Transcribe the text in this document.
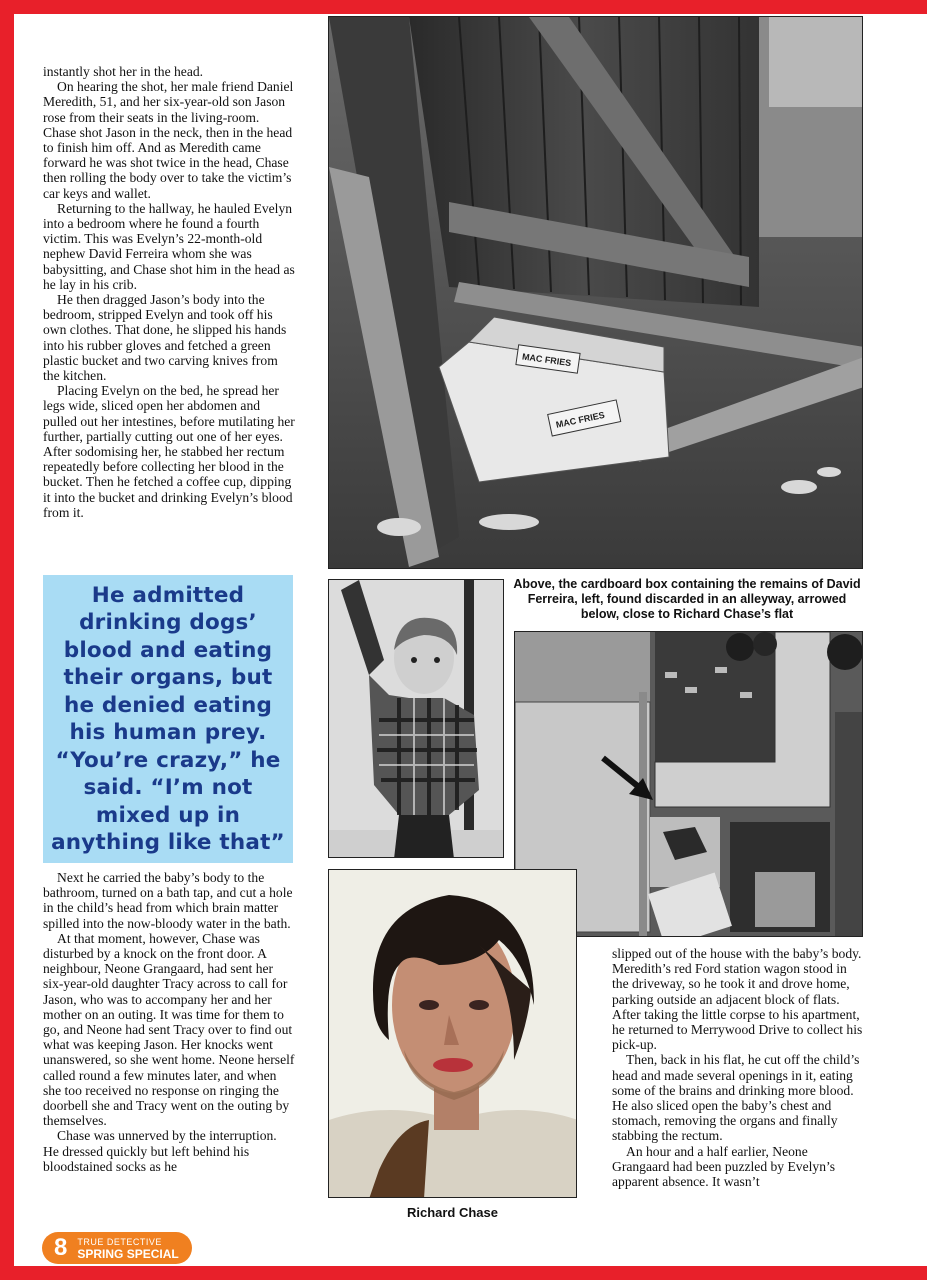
instantly shot her in the head.

On hearing the shot, her male friend Daniel Meredith, 51, and her six-year-old son Jason rose from their seats in the living-room. Chase shot Jason in the neck, then in the head to finish him off. And as Meredith came forward he was shot twice in the head, Chase then rolling the body over to take the victim’s car keys and wallet.

Returning to the hallway, he hauled Evelyn into a bedroom where he found a fourth victim. This was Evelyn’s 22-month-old nephew David Ferreira whom she was babysitting, and Chase shot him in the head as he lay in his crib.

He then dragged Jason’s body into the bedroom, stripped Evelyn and took off his own clothes. That done, he slipped his hands into his rubber gloves and fetched a green plastic bucket and two carving knives from the kitchen.

Placing Evelyn on the bed, he spread her legs wide, sliced open her abdomen and pulled out her intestines, before mutilating her further, partially cutting out one of her eyes. After sodomising her, he stabbed her rectum repeatedly before collecting her blood in the bucket. Then he fetched a coffee cup, dipping it into the bucket and drinking Evelyn’s blood from it.

He admitted drinking dogs’ blood and eating their organs, but he denied eating his human prey. “You’re crazy,” he said. “I’m not mixed up in anything like that”

Next he carried the baby’s body to the bathroom, turned on a bath tap, and cut a hole in the child’s head from which brain matter spilled into the now-bloody water in the bath.

At that moment, however, Chase was disturbed by a knock on the front door. A neighbour, Neone Grangaard, had sent her six-year-old daughter Tracy across to call for Jason, who was to accompany her and her mother on an outing. It was time for them to go, and Neone had sent Tracy over to find out what was keeping Jason. Her knocks went unanswered, so she went home. Neone herself called round a few minutes later, and when she too received no response on ringing the doorbell she and Tracy went on the outing by themselves.

Chase was unnerved by the interruption. He dressed quickly but left behind his bloodstained socks as he

MAC FRIES
MAC FRIES
Above, the cardboard box containing the remains of David Ferreira, left, found discarded in an alleyway, arrowed below, close to Richard Chase’s flat
Richard Chase

slipped out of the house with the baby’s body. Meredith’s red Ford station wagon stood in the driveway, so he took it and drove home, parking outside an adjacent block of flats. After taking the little corpse to his apartment, he returned to Merrywood Drive to collect his pick-up.

Then, back in his flat, he cut off the child’s head and made several openings in it, eating some of the brains and drinking more blood. He also sliced open the baby’s chest and stomach, removing the organs and finally stabbing the rectum.

An hour and a half earlier, Neone Grangaard had been puzzled by Evelyn’s apparent absence. It wasn’t

8 TRUE DETECTIVE
SPRING SPECIAL
